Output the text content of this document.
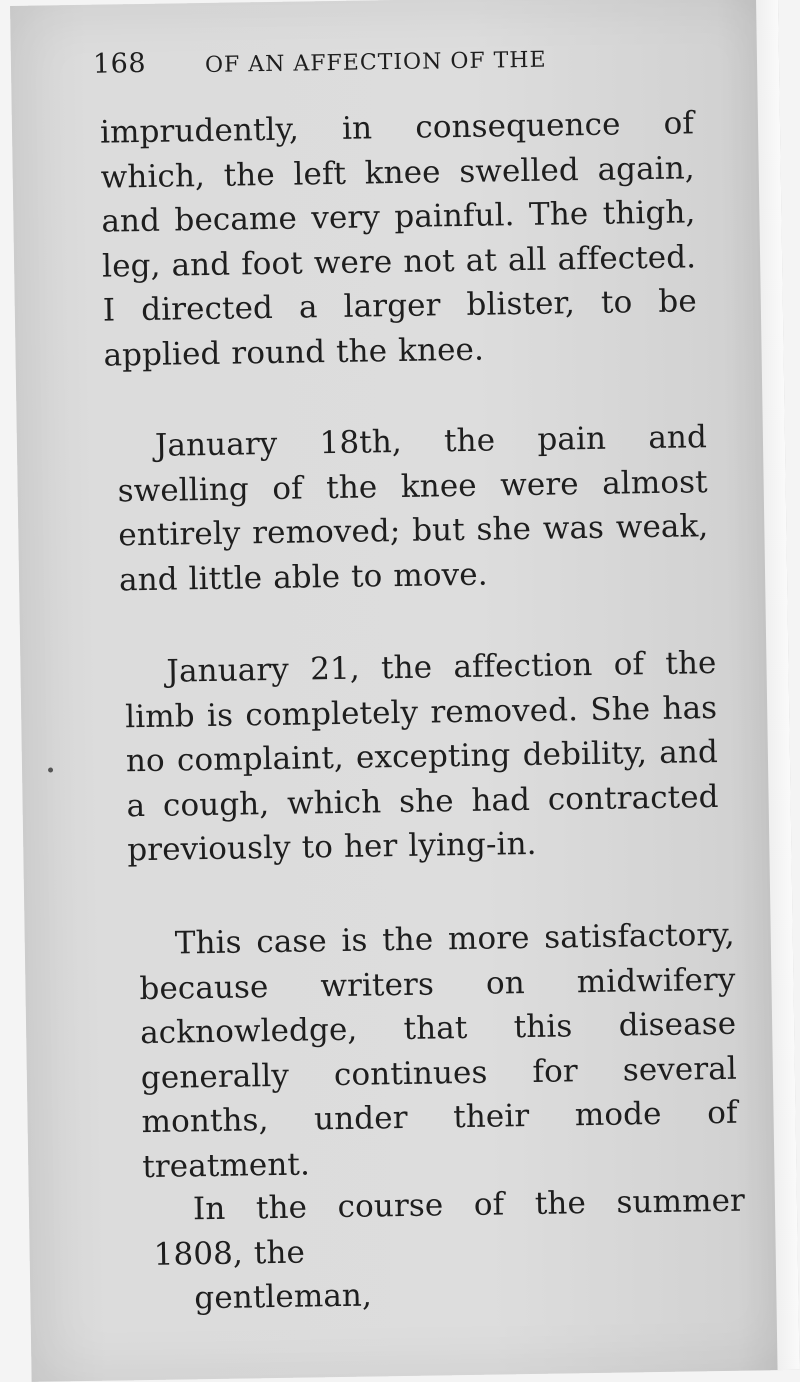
168	OF AN AFFECTION OF THE
imprudently, in consequence of which, the left knee swelled again, and became very painful. The thigh, leg, and foot were not at all affected. I directed a larger blister, to be applied round the knee.
January 18th, the pain and swelling of the knee were almost entirely removed; but she was weak, and little able to move.
January 21, the affection of the limb is completely removed. She has no complaint, excepting debility, and a cough, which she had contracted previously to her lying-in.
This case is the more satisfactory, because writers on midwifery acknowledge, that this disease generally continues for several months, under their mode of treatment.
In the course of the summer 1808, the
gentleman,
